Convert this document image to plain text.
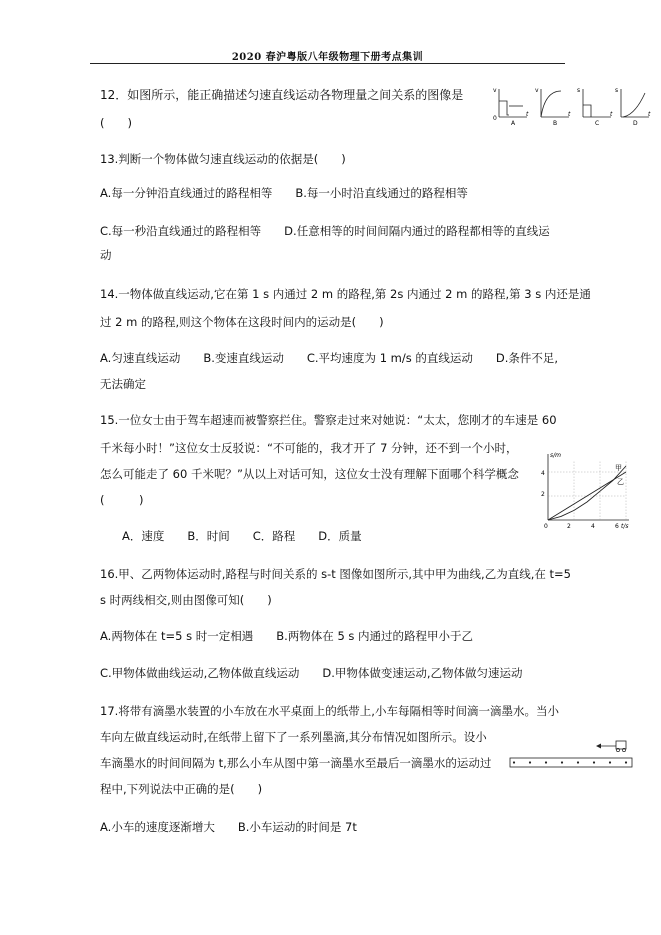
2020 春沪粤版八年级物理下册考点集训
12．如图所示，能正确描述匀速直线运动各物理量之间关系的图像是
(　　)
v
0
t
A
v
t
B
s
t
C
s
t
D
13.判断一个物体做匀速直线运动的依据是(　　)
A.每一分钟沿直线通过的路程相等　　B.每一小时沿直线通过的路程相等
C.每一秒沿直线通过的路程相等　　D.任意相等的时间间隔内通过的路程都相等的直线运
动
14.一物体做直线运动,它在第 1 s 内通过 2 m 的路程,第 2s 内通过 2 m 的路程,第 3 s 内还是通
过 2 m 的路程,则这个物体在这段时间内的运动是(　　)
A.匀速直线运动　　B.变速直线运动　　C.平均速度为 1 m/s 的直线运动　　D.条件不足,
无法确定
15.一位女士由于驾车超速而被警察拦住。警察走过来对她说：“太太，您刚才的车速是 60
千米每小时！”这位女士反驳说：“不可能的，我才开了 7 分钟，还不到一个小时，
怎么可能走了 60 千米呢？”从以上对话可知，这位女士没有理解下面哪个科学概念
(　　　)
A．速度　　B．时间　　C．路程　　D．质量
s/m
t/s
甲
乙
0	2	4	6
2
4
16.甲、乙两物体运动时,路程与时间关系的 s-t 图像如图所示,其中甲为曲线,乙为直线,在 t=5
s 时两线相交,则由图像可知(　　)
A.两物体在 t=5 s 时一定相遇　　B.两物体在 5 s 内通过的路程甲小于乙
C.甲物体做曲线运动,乙物体做直线运动　　D.甲物体做变速运动,乙物体做匀速运动
17.将带有滴墨水装置的小车放在水平桌面上的纸带上,小车每隔相等时间滴一滴墨水。当小
车向左做直线运动时,在纸带上留下了一系列墨滴,其分布情况如图所示。设小
车滴墨水的时间间隔为 t,那么小车从图中第一滴墨水至最后一滴墨水的运动过
程中,下列说法中正确的是(　　)
A.小车的速度逐渐增大　　B.小车运动的时间是 7t
